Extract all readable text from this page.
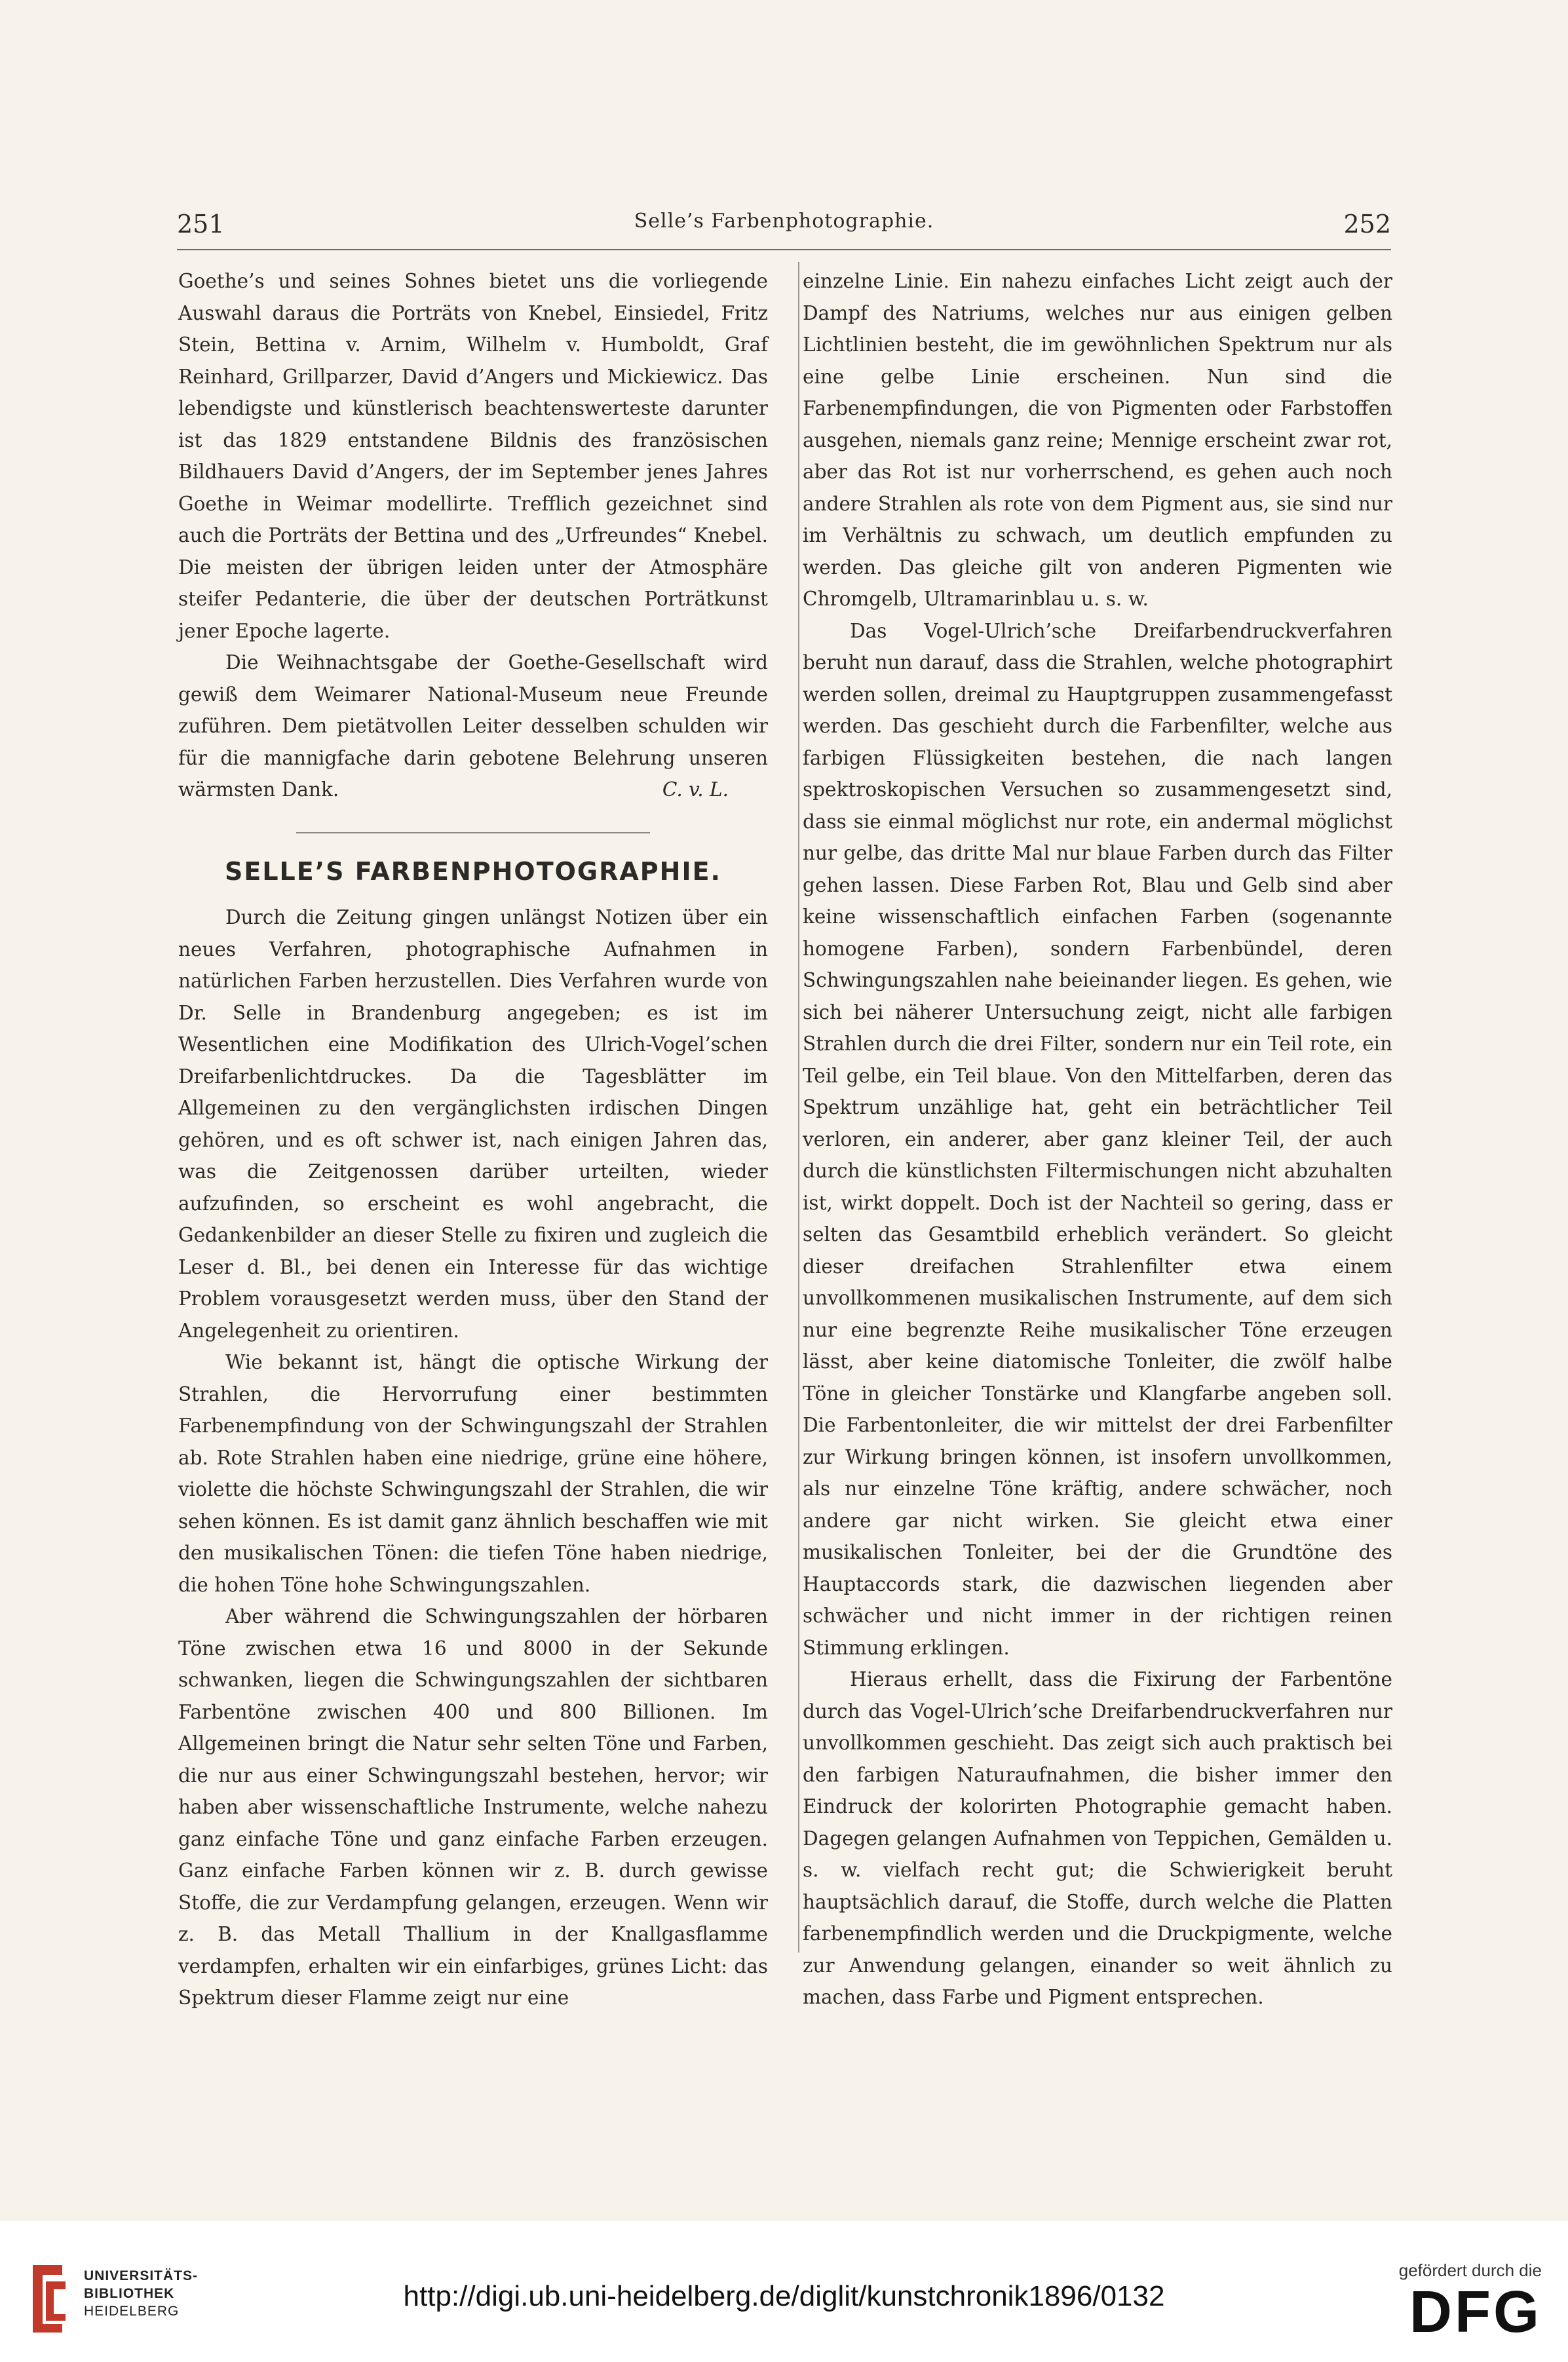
251	Selle’s Farbenphotographie.	252

Goethe’s und seines Sohnes bietet uns die vorliegende Auswahl daraus die Porträts von Knebel, Einsiedel, Fritz Stein, Bettina v. Arnim, Wilhelm v. Humboldt, Graf Reinhard, Grillparzer, David d’Angers und Mickiewicz. Das lebendigste und künstlerisch beachtenswerteste darunter ist das 1829 entstandene Bildnis des französischen Bildhauers David d’Angers, der im September jenes Jahres Goethe in Weimar modellirte. Trefflich gezeichnet sind auch die Porträts der Bettina und des „Urfreundes“ Knebel. Die meisten der übrigen leiden unter der Atmosphäre steifer Pedanterie, die über der deutschen Porträtkunst jener Epoche lagerte.

Die Weihnachtsgabe der Goethe-Gesellschaft wird gewiß dem Weimarer National-Museum neue Freunde zuführen. Dem pietätvollen Leiter desselben schulden wir für die mannigfache darin gebotene Belehrung unseren wärmsten Dank.	C. v. L.

SELLE’S FARBENPHOTOGRAPHIE.

Durch die Zeitung gingen unlängst Notizen über ein neues Verfahren, photographische Aufnahmen in natürlichen Farben herzustellen. Dies Verfahren wurde von Dr. Selle in Brandenburg angegeben; es ist im Wesentlichen eine Modifikation des Ulrich-Vogel’schen Dreifarbenlichtdruckes. Da die Tagesblätter im Allgemeinen zu den vergänglichsten irdischen Dingen gehören, und es oft schwer ist, nach einigen Jahren das, was die Zeitgenossen darüber urteilten, wieder aufzufinden, so erscheint es wohl angebracht, die Gedankenbilder an dieser Stelle zu fixiren und zugleich die Leser d. Bl., bei denen ein Interesse für das wichtige Problem vorausgesetzt werden muss, über den Stand der Angelegenheit zu orientiren.

Wie bekannt ist, hängt die optische Wirkung der Strahlen, die Hervorrufung einer bestimmten Farbenempfindung von der Schwingungszahl der Strahlen ab. Rote Strahlen haben eine niedrige, grüne eine höhere, violette die höchste Schwingungszahl der Strahlen, die wir sehen können. Es ist damit ganz ähnlich beschaffen wie mit den musikalischen Tönen: die tiefen Töne haben niedrige, die hohen Töne hohe Schwingungszahlen.

Aber während die Schwingungszahlen der hörbaren Töne zwischen etwa 16 und 8000 in der Sekunde schwanken, liegen die Schwingungszahlen der sichtbaren Farbentöne zwischen 400 und 800 Billionen. Im Allgemeinen bringt die Natur sehr selten Töne und Farben, die nur aus einer Schwingungszahl bestehen, hervor; wir haben aber wissenschaftliche Instrumente, welche nahezu ganz einfache Töne und ganz einfache Farben erzeugen. Ganz einfache Farben können wir z. B. durch gewisse Stoffe, die zur Verdampfung gelangen, erzeugen. Wenn wir z. B. das Metall Thallium in der Knallgasflamme verdampfen, erhalten wir ein einfarbiges, grünes Licht: das Spektrum dieser Flamme zeigt nur eine

einzelne Linie. Ein nahezu einfaches Licht zeigt auch der Dampf des Natriums, welches nur aus einigen gelben Lichtlinien besteht, die im gewöhnlichen Spektrum nur als eine gelbe Linie erscheinen. Nun sind die Farbenempfindungen, die von Pigmenten oder Farbstoffen ausgehen, niemals ganz reine; Mennige erscheint zwar rot, aber das Rot ist nur vorherrschend, es gehen auch noch andere Strahlen als rote von dem Pigment aus, sie sind nur im Verhältnis zu schwach, um deutlich empfunden zu werden. Das gleiche gilt von anderen Pigmenten wie Chromgelb, Ultramarinblau u. s. w.

Das Vogel-Ulrich’sche Dreifarbendruckverfahren beruht nun darauf, dass die Strahlen, welche photographirt werden sollen, dreimal zu Hauptgruppen zusammengefasst werden. Das geschieht durch die Farbenfilter, welche aus farbigen Flüssigkeiten bestehen, die nach langen spektroskopischen Versuchen so zusammengesetzt sind, dass sie einmal möglichst nur rote, ein andermal möglichst nur gelbe, das dritte Mal nur blaue Farben durch das Filter gehen lassen. Diese Farben Rot, Blau und Gelb sind aber keine wissenschaftlich einfachen Farben (sogenannte homogene Farben), sondern Farbenbündel, deren Schwingungszahlen nahe beieinander liegen. Es gehen, wie sich bei näherer Untersuchung zeigt, nicht alle farbigen Strahlen durch die drei Filter, sondern nur ein Teil rote, ein Teil gelbe, ein Teil blaue. Von den Mittelfarben, deren das Spektrum unzählige hat, geht ein beträchtlicher Teil verloren, ein anderer, aber ganz kleiner Teil, der auch durch die künstlichsten Filtermischungen nicht abzuhalten ist, wirkt doppelt. Doch ist der Nachteil so gering, dass er selten das Gesamtbild erheblich verändert. So gleicht dieser dreifachen Strahlenfilter etwa einem unvollkommenen musikalischen Instrumente, auf dem sich nur eine begrenzte Reihe musikalischer Töne erzeugen lässt, aber keine diatomische Tonleiter, die zwölf halbe Töne in gleicher Tonstärke und Klangfarbe angeben soll. Die Farbentonleiter, die wir mittelst der drei Farbenfilter zur Wirkung bringen können, ist insofern unvollkommen, als nur einzelne Töne kräftig, andere schwächer, noch andere gar nicht wirken. Sie gleicht etwa einer musikalischen Tonleiter, bei der die Grundtöne des Hauptaccords stark, die dazwischen liegenden aber schwächer und nicht immer in der richtigen reinen Stimmung erklingen.

Hieraus erhellt, dass die Fixirung der Farbentöne durch das Vogel-Ulrich’sche Dreifarbendruckverfahren nur unvollkommen geschieht. Das zeigt sich auch praktisch bei den farbigen Naturaufnahmen, die bisher immer den Eindruck der kolorirten Photographie gemacht haben. Dagegen gelangen Aufnahmen von Teppichen, Gemälden u. s. w. vielfach recht gut; die Schwierigkeit beruht hauptsächlich darauf, die Stoffe, durch welche die Platten farbenempfindlich werden und die Druckpigmente, welche zur Anwendung gelangen, einander so weit ähnlich zu machen, dass Farbe und Pigment entsprechen.

UNIVERSITÄTS-
BIBLIOTHEK
HEIDELBERG	http://digi.ub.uni-heidelberg.de/diglit/kunstchronik1896/0132
gefördert durch die
DFG
